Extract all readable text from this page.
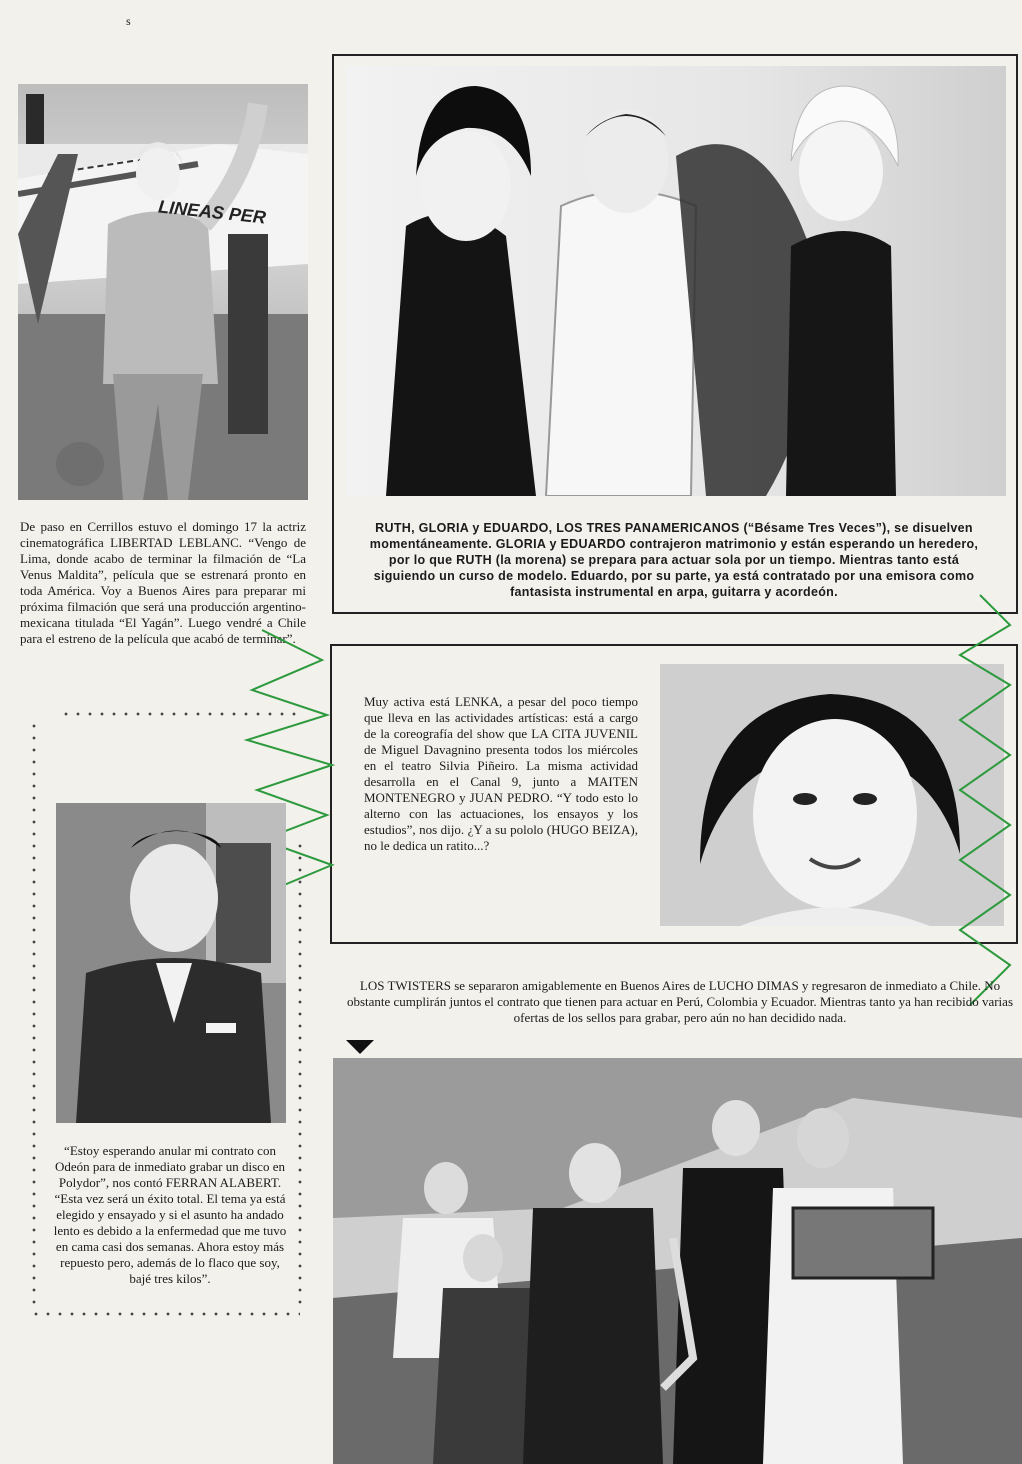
s
LINEAS PER
De paso en Cerrillos estuvo el domingo 17 la actriz cinematográfica LIBERTAD LEBLANC. “Vengo de Lima, donde acabo de terminar la filmación de “La Venus Maldita”, película que se estrenará pronto en toda América. Voy a Buenos Aires para preparar mi próxima filmación que será una producción argentino-mexicana titulada “El Yagán”. Luego vendré a Chile para el estreno de la película que acabó de terminar”.
RUTH, GLORIA y EDUARDO, LOS TRES PANAMERICANOS (“Bésame Tres Veces”), se disuelven momentáneamente. GLORIA y EDUARDO contrajeron matrimonio y están esperando un heredero, por lo que RUTH (la morena) se prepara para actuar sola por un tiempo. Mientras tanto está siguiendo un curso de modelo. Eduardo, por su parte, ya está contratado por una emisora como fantasista instrumental en arpa, guitarra y acordeón.
Muy activa está LENKA, a pesar del poco tiempo que lleva en las actividades artísticas: está a cargo de la coreografía del show que LA CITA JUVENIL de Miguel Davagnino presenta todos los miércoles en el teatro Silvia Piñeiro. La misma actividad desarrolla en el Canal 9, junto a MAITEN MONTENEGRO y JUAN PEDRO. “Y todo esto lo alterno con las actuaciones, los ensayos y los estudios”, nos dijo. ¿Y a su pololo (HUGO BEIZA), no le dedica un ratito...?
“Estoy esperando anular mi contrato con Odeón para de inmediato grabar un disco en Polydor”, nos contó FERRAN ALABERT. “Esta vez será un éxito total. El tema ya está elegido y ensayado y si el asunto ha andado lento es debido a la enfermedad que me tuvo en cama casi dos semanas. Ahora estoy más repuesto pero, además de lo flaco que soy, bajé tres kilos”.
LOS TWISTERS se separaron amigablemente en Buenos Aires de LUCHO DIMAS y regresaron de inmediato a Chile. No obstante cumplirán juntos el contrato que tienen para actuar en Perú, Colombia y Ecuador. Mientras tanto ya han recibido varias ofertas de los sellos para grabar, pero aún no han decidido nada.
